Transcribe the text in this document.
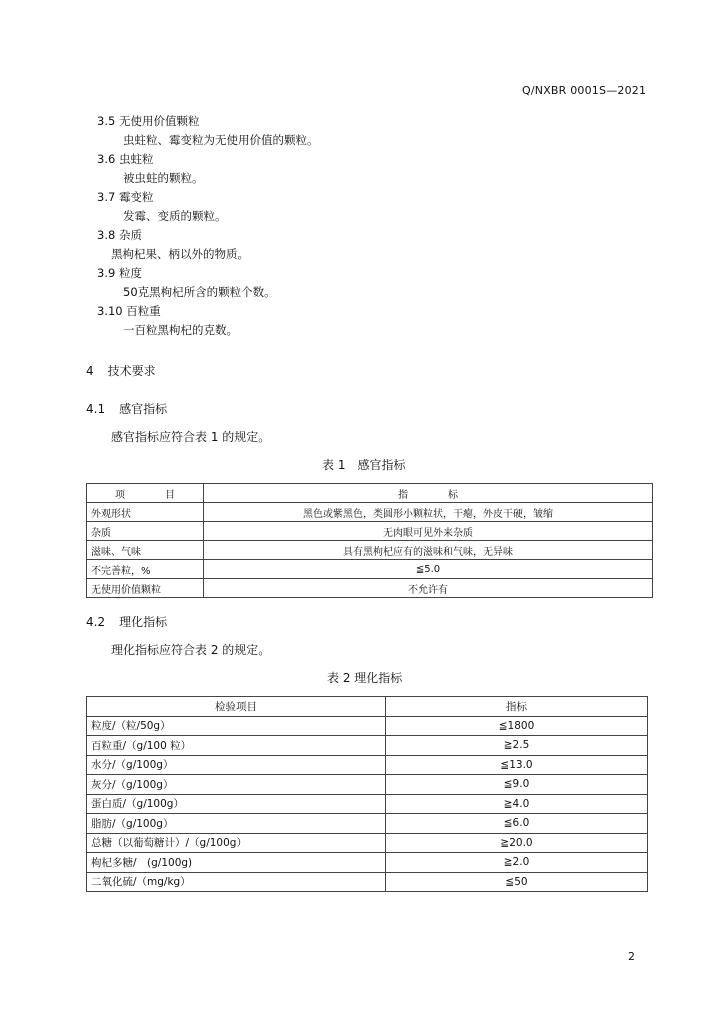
Q/NXBR 0001S—2021
3.5 无使用价值颗粒
虫蛀粒、霉变粒为无使用价值的颗粒。
3.6 虫蛀粒
被虫蛀的颗粒。
3.7 霉变粒
发霉、变质的颗粒。
3.8 杂质
黑枸杞果、柄以外的物质。
3.9 粒度
50克黑枸杞所含的颗粒个数。
3.10 百粒重
一百粒黑枸杞的克数。
4 技术要求
4.1 感官指标
感官指标应符合表 1 的规定。
表 1　感官指标
项　　　　目	指　　　　标
外观形状	黑色或紫黑色，类圆形小颗粒状，干瘪，外皮干硬，皱缩
杂质	无肉眼可见外来杂质
滋味、气味	具有黑枸杞应有的滋味和气味，无异味
不完善粒，%	≦5.0
无使用价值颗粒	不允许有
4.2 理化指标
理化指标应符合表 2 的规定。
表 2 理化指标
检验项目	指标
粒度/（粒/50g）	≦1800
百粒重/（g/100 粒）	≧2.5
水分/（g/100g）	≦13.0
灰分/（g/100g）	≦9.0
蛋白质/（g/100g）	≧4.0
脂肪/（g/100g）	≦6.0
总糖（以葡萄糖计）/（g/100g）	≧20.0
枸杞多糖/　(g/100g)	≧2.0
二氧化硫/（mg/kg）	≦50
2
